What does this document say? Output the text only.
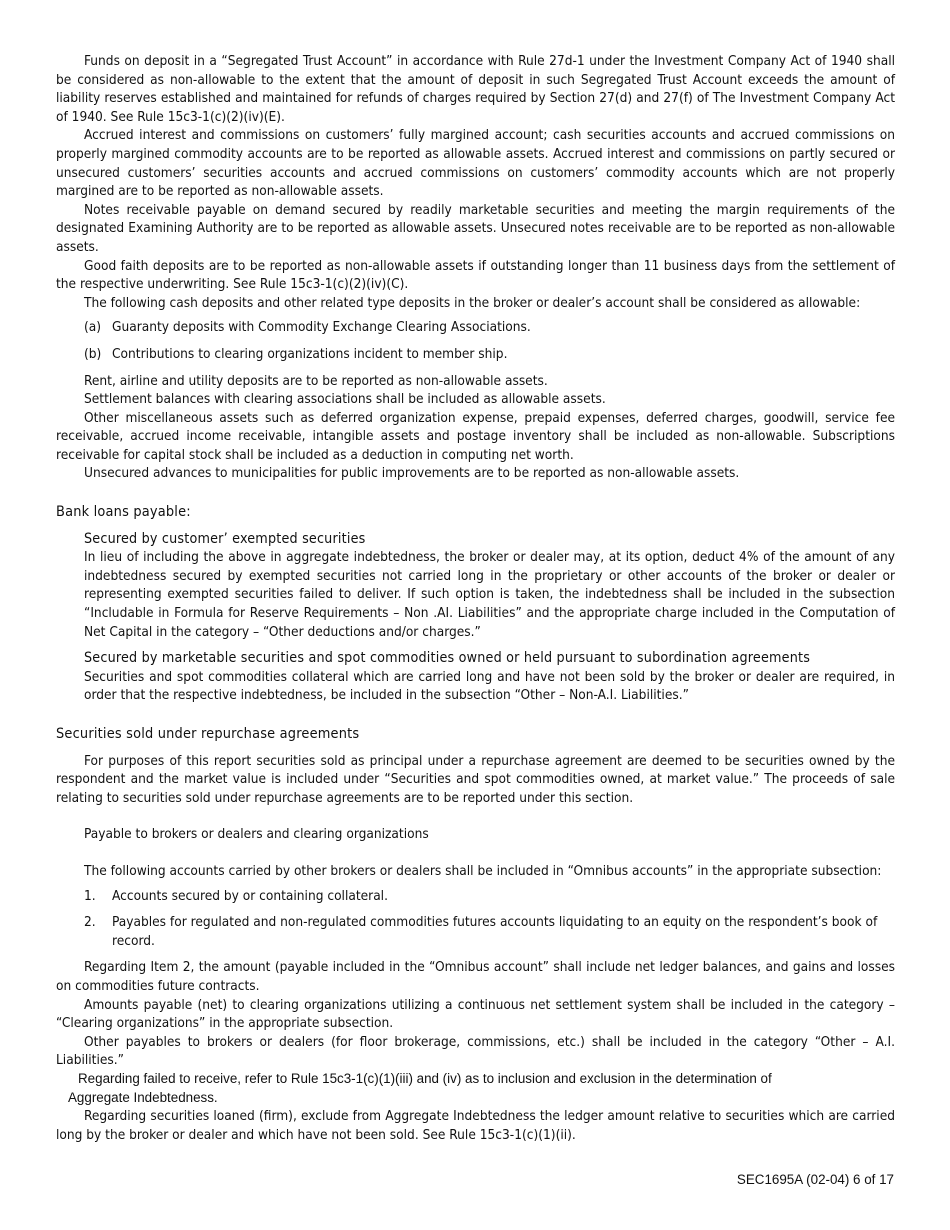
Funds on deposit in a “Segregated Trust Account” in accordance with Rule 27d-1 under the Investment Company Act of 1940 shall be considered as non-allowable to the extent that the amount of deposit in such Segregated Trust Account exceeds the amount of liability reserves established and maintained for refunds of charges required by Section 27(d) and 27(f) of The Investment Company Act of 1940. See Rule 15c3-1(c)(2)(iv)(E).

Accrued interest and commissions on customers’ fully margined account; cash securities accounts and accrued commissions on properly margined commodity accounts are to be reported as allowable assets. Accrued interest and commissions on partly secured or unsecured customers’ securities accounts and accrued commissions on customers’ commodity accounts which are not properly margined are to be reported as non-allowable assets.

Notes receivable payable on demand secured by readily marketable securities and meeting the margin requirements of the designated Examining Authority are to be reported as allowable assets. Unsecured notes receivable are to be reported as non-allowable assets.

Good faith deposits are to be reported as non-allowable assets if outstanding longer than 11 business days from the settlement of the respective underwriting. See Rule 15c3-1(c)(2)(iv)(C).

The following cash deposits and other related type deposits in the broker or dealer’s account shall be considered as allowable:

(a) Guaranty deposits with Commodity Exchange Clearing Associations.

(b) Contributions to clearing organizations incident to member ship.

Rent, airline and utility deposits are to be reported as non-allowable assets.

Settlement balances with clearing associations shall be included as allowable assets.

Other miscellaneous assets such as deferred organization expense, prepaid expenses, deferred charges, goodwill, service fee receivable, accrued income receivable, intangible assets and postage inventory shall be included as non-allowable. Subscriptions receivable for capital stock shall be included as a deduction in computing net worth.

Unsecured advances to municipalities for public improvements are to be reported as non-allowable assets.

Bank loans payable:

Secured by customer’ exempted securities

In lieu of including the above in aggregate indebtedness, the broker or dealer may, at its option, deduct 4% of the amount of any indebtedness secured by exempted securities not carried long in the proprietary or other accounts of the broker or dealer or representing exempted securities failed to deliver. If such option is taken, the indebtedness shall be included in the subsection “Includable in Formula for Reserve Requirements – Non .AI. Liabilities” and the appropriate charge included in the Computation of Net Capital in the category – “Other deductions and/or charges.”

Secured by marketable securities and spot commodities owned or held pursuant to subordination agreements

Securities and spot commodities collateral which are carried long and have not been sold by the broker or dealer are required, in order that the respective indebtedness, be included in the subsection “Other – Non-A.I. Liabilities.”

Securities sold under repurchase agreements

For purposes of this report securities sold as principal under a repurchase agreement are deemed to be securities owned by the respondent and the market value is included under “Securities and spot commodities owned, at market value.” The proceeds of sale relating to securities sold under repurchase agreements are to be reported under this section.

Payable to brokers or dealers and clearing organizations

The following accounts carried by other brokers or dealers shall be included in “Omnibus accounts” in the appropriate subsection:

1. Accounts secured by or containing collateral.

2. Payables for regulated and non-regulated commodities futures accounts liquidating to an equity on the respondent’s book of record.

Regarding Item 2, the amount (payable included in the “Omnibus account” shall include net ledger balances, and gains and losses on commodities future contracts.

Amounts payable (net) to clearing organizations utilizing a continuous net settlement system shall be included in the category – “Clearing organizations” in the appropriate subsection.

Other payables to brokers or dealers (for floor brokerage, commissions, etc.) shall be included in the category “Other – A.I. Liabilities.”

Regarding failed to receive, refer to Rule 15c3-1(c)(1)(iii) and (iv) as to inclusion and exclusion in the determination of

Aggregate Indebtedness.

Regarding securities loaned (firm), exclude from Aggregate Indebtedness the ledger amount relative to securities which are carried long by the broker or dealer and which have not been sold. See Rule 15c3-1(c)(1)(ii).

SEC1695A (02-04) 6 of 17
